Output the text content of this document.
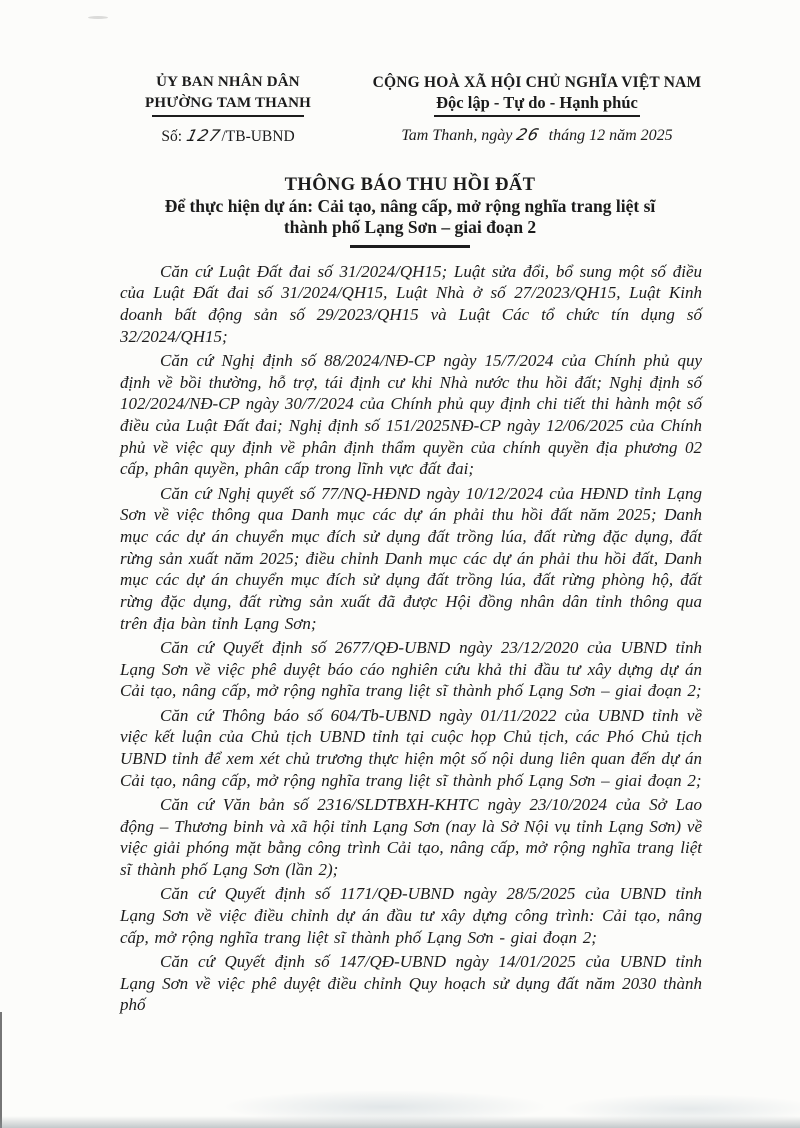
ỦY BAN NHÂN DÂN
PHƯỜNG TAM THANH
Số: 127/TB-UBND
CỘNG HOÀ XÃ HỘI CHỦ NGHĨA VIỆT NAM
Độc lập - Tự do - Hạnh phúc
Tam Thanh, ngày 26 tháng 12 năm 2025
THÔNG BÁO THU HỒI ĐẤT
Để thực hiện dự án: Cải tạo, nâng cấp, mở rộng nghĩa trang liệt sĩ
thành phố Lạng Sơn – giai đoạn 2

Căn cứ Luật Đất đai số 31/2024/QH15; Luật sửa đổi, bổ sung một số điều của Luật Đất đai số 31/2024/QH15, Luật Nhà ở số 27/2023/QH15, Luật Kinh doanh bất động sản số 29/2023/QH15 và Luật Các tổ chức tín dụng số 32/2024/QH15;

Căn cứ Nghị định số 88/2024/NĐ-CP ngày 15/7/2024 của Chính phủ quy định về bồi thường, hỗ trợ, tái định cư khi Nhà nước thu hồi đất; Nghị định số 102/2024/NĐ-CP ngày 30/7/2024 của Chính phủ quy định chi tiết thi hành một số điều của Luật Đất đai; Nghị định số 151/2025NĐ-CP ngày 12/06/2025 của Chính phủ về việc quy định về phân định thẩm quyền của chính quyền địa phương 02 cấp, phân quyền, phân cấp trong lĩnh vực đất đai;

Căn cứ Nghị quyết số 77/NQ-HĐND ngày 10/12/2024 của HĐND tỉnh Lạng Sơn về việc thông qua Danh mục các dự án phải thu hồi đất năm 2025; Danh mục các dự án chuyển mục đích sử dụng đất trồng lúa, đất rừng đặc dụng, đất rừng sản xuất năm 2025; điều chỉnh Danh mục các dự án phải thu hồi đất, Danh mục các dự án chuyển mục đích sử dụng đất trồng lúa, đất rừng phòng hộ, đất rừng đặc dụng, đất rừng sản xuất đã được Hội đồng nhân dân tỉnh thông qua trên địa bàn tỉnh Lạng Sơn;

Căn cứ Quyết định số 2677/QĐ-UBND ngày 23/12/2020 của UBND tỉnh Lạng Sơn về việc phê duyệt báo cáo nghiên cứu khả thi đầu tư xây dựng dự án Cải tạo, nâng cấp, mở rộng nghĩa trang liệt sĩ thành phố Lạng Sơn – giai đoạn 2;

Căn cứ Thông báo số 604/Tb-UBND ngày 01/11/2022 của UBND tỉnh về việc kết luận của Chủ tịch UBND tỉnh tại cuộc họp Chủ tịch, các Phó Chủ tịch UBND tỉnh để xem xét chủ trương thực hiện một số nội dung liên quan đến dự án Cải tạo, nâng cấp, mở rộng nghĩa trang liệt sĩ thành phố Lạng Sơn – giai đoạn 2;

Căn cứ Văn bản số 2316/SLDTBXH-KHTC ngày 23/10/2024 của Sở Lao động – Thương binh và xã hội tỉnh Lạng Sơn (nay là Sở Nội vụ tỉnh Lạng Sơn) về việc giải phóng mặt bằng công trình Cải tạo, nâng cấp, mở rộng nghĩa trang liệt sĩ thành phố Lạng Sơn (lần 2);

Căn cứ Quyết định số 1171/QĐ-UBND ngày 28/5/2025 của UBND tỉnh Lạng Sơn về việc điều chỉnh dự án đầu tư xây dựng công trình: Cải tạo, nâng cấp, mở rộng nghĩa trang liệt sĩ thành phố Lạng Sơn - giai đoạn 2;

Căn cứ Quyết định số 147/QĐ-UBND ngày 14/01/2025 của UBND tỉnh Lạng Sơn về việc phê duyệt điều chỉnh Quy hoạch sử dụng đất năm 2030 thành phố
